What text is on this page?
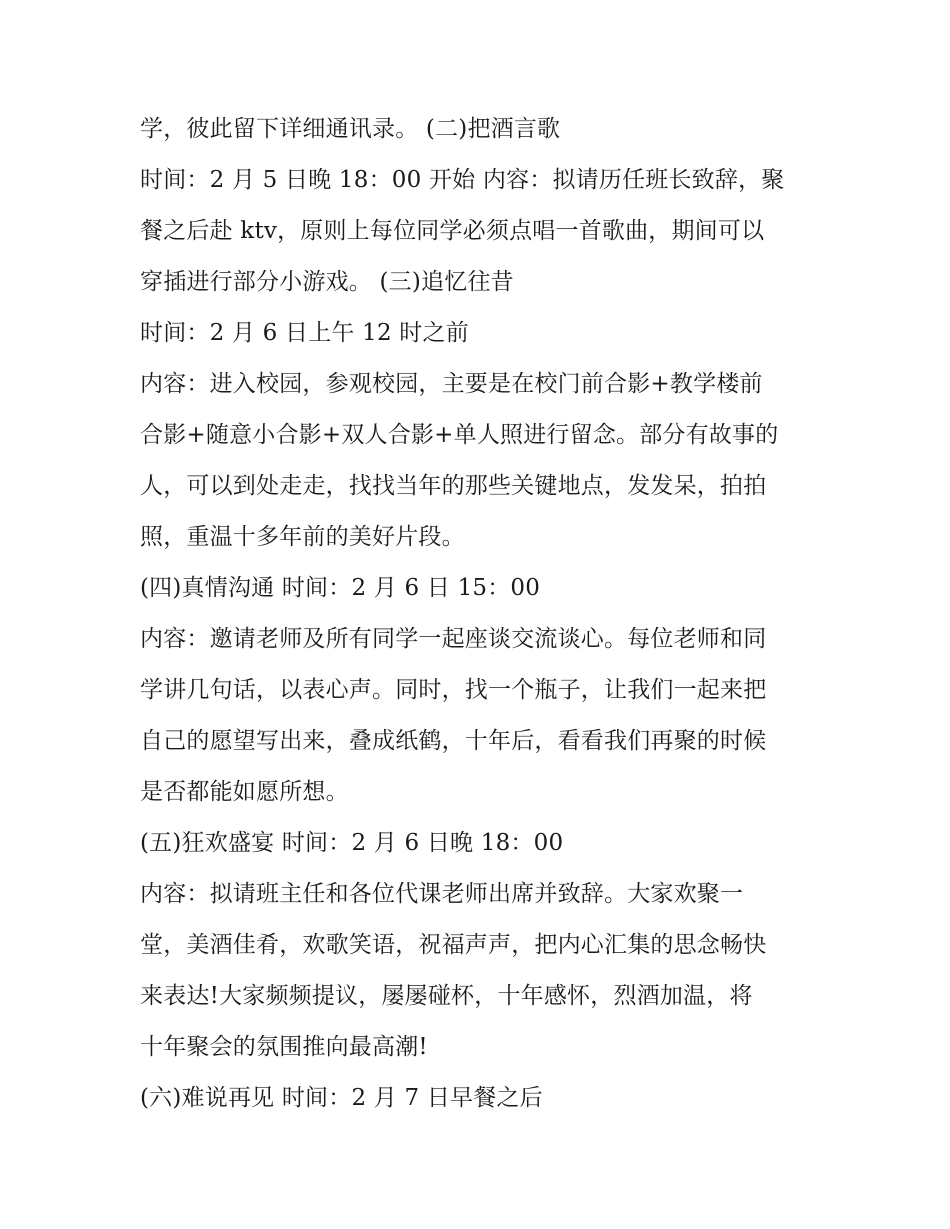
学，彼此留下详细通讯录。 (二)把酒言歌
时间：2 月 5 日晚 18：00 开始 内容：拟请历任班长致辞，聚
餐之后赴 ktv，原则上每位同学必须点唱一首歌曲，期间可以
穿插进行部分小游戏。 (三)追忆往昔
时间：2 月 6 日上午 12 时之前
内容：进入校园，参观校园，主要是在校门前合影+教学楼前
合影+随意小合影+双人合影+单人照进行留念。部分有故事的
人，可以到处走走，找找当年的那些关键地点，发发呆，拍拍
照，重温十多年前的美好片段。
(四)真情沟通 时间：2 月 6 日 15：00
内容：邀请老师及所有同学一起座谈交流谈心。每位老师和同
学讲几句话，以表心声。同时，找一个瓶子，让我们一起来把
自己的愿望写出来，叠成纸鹤，十年后，看看我们再聚的时候
是否都能如愿所想。
(五)狂欢盛宴 时间：2 月 6 日晚 18：00
内容：拟请班主任和各位代课老师出席并致辞。大家欢聚一
堂，美酒佳肴，欢歌笑语，祝福声声，把内心汇集的思念畅快
来表达!大家频频提议，屡屡碰杯，十年感怀，烈酒加温，将
十年聚会的氛围推向最高潮!
(六)难说再见 时间：2 月 7 日早餐之后
